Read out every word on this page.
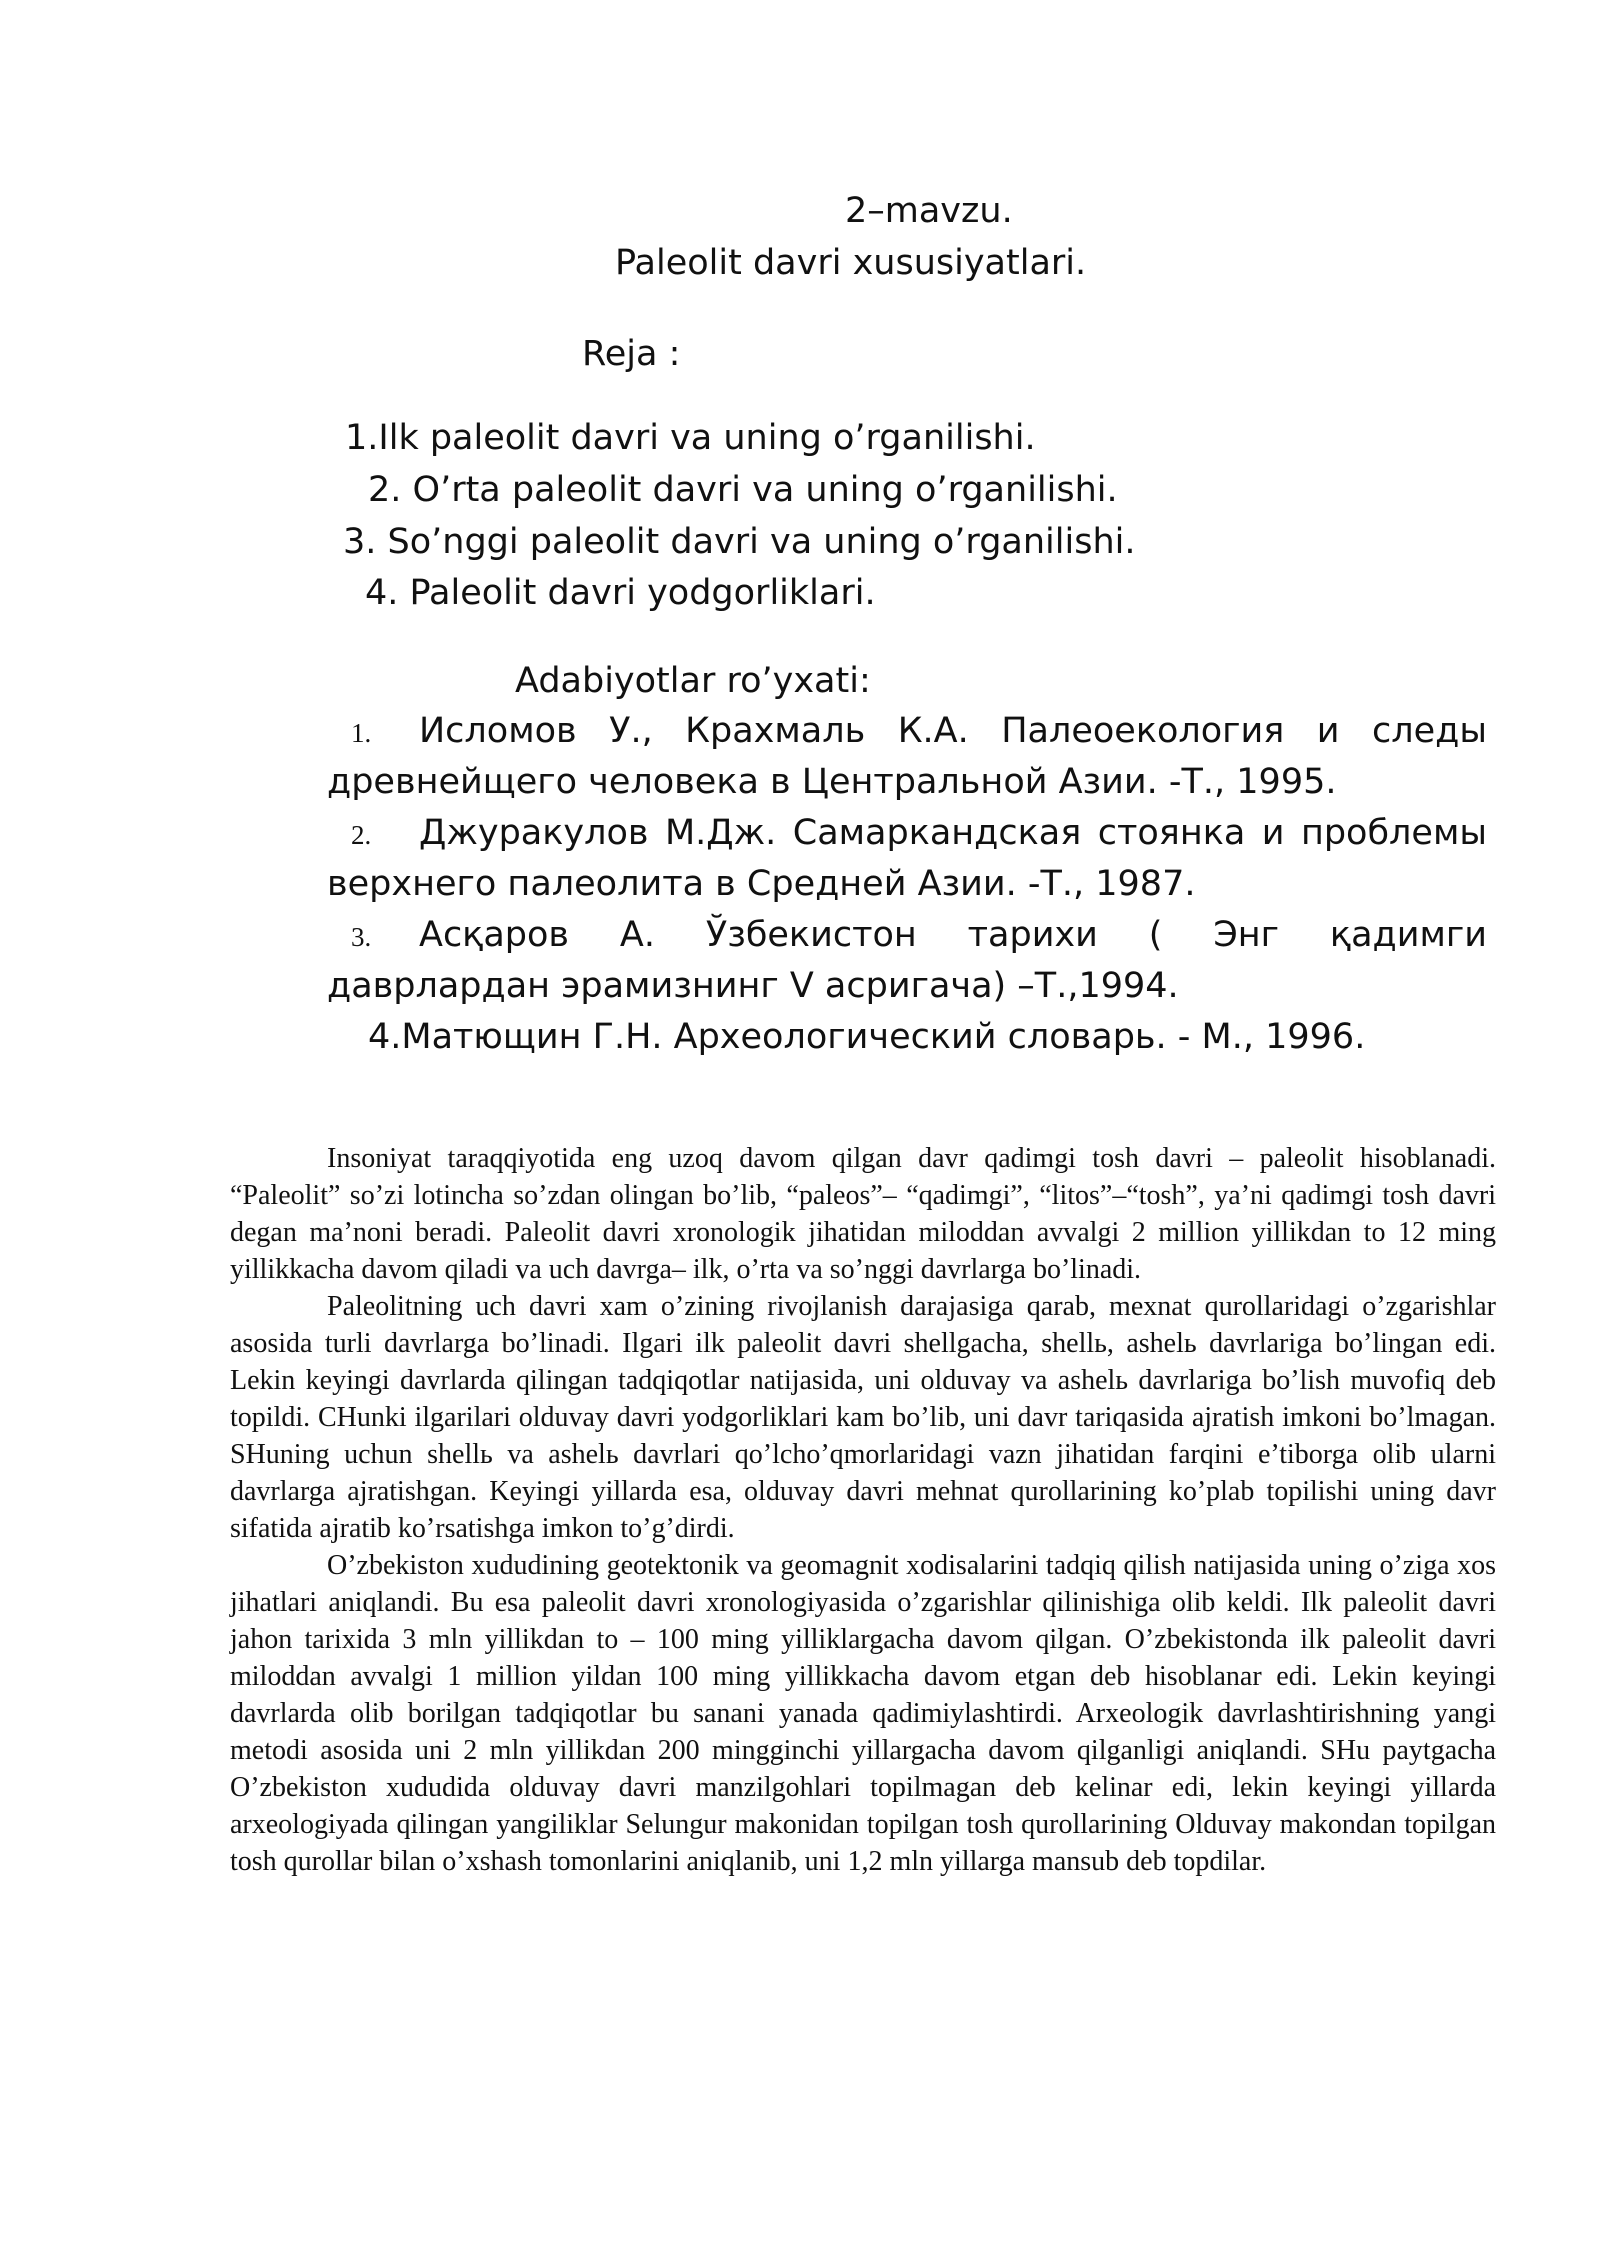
2–mavzu.
Paleolit davri xususiyatlari.
Reja :
1.Ilk paleolit davri va uning o’rganilishi.
2. O’rta paleolit davri va uning o’rganilishi.
3. So’nggi paleolit davri va uning o’rganilishi.
4. Paleolit davri yodgorliklari.
Adabiyotlar ro’yxati:
1.	Исломов У., Крахмаль К.А. Палеоекология и следы
древнейщего человека в Центральной Азии. -Т., 1995.
2.	Джуракулов М.Дж. Самаркандская стоянка и проблемы
верхнего палеолита в Средней Азии. -Т., 1987.
3.	Асқаров А. Ўзбекистон тарихи ( Энг қадимги
даврлардан эрамизнинг V асригача) –Т.,1994.
4.Матющин Г.Н. Археологический словарь. - М., 1996.

Insoniyat taraqqiyotida eng uzoq davom qilgan davr qadimgi tosh davri – paleolit hisoblanadi. “Paleolit” so’zi lotincha so’zdan olingan bo’lib, “paleos”– “qadimgi”, “litos”–“tosh”, ya’ni qadimgi tosh davri degan ma’noni beradi. Paleolit davri xronologik jihatidan miloddan avvalgi 2 million yillikdan to 12 ming yillikkacha davom qiladi va uch davrga– ilk, o’rta va so’nggi davrlarga bo’linadi.

Paleolitning uch davri xam o’zining rivojlanish darajasiga qarab, mexnat qurollaridagi o’zgarishlar asosida turli davrlarga bo’linadi. Ilgari ilk paleolit davri shellgacha, shellь, ashelь davrlariga bo’lingan edi. Lekin keyingi davrlarda qilingan tadqiqotlar natijasida, uni olduvay va ashelь davrlariga bo’lish muvofiq deb topildi. CHunki ilgarilari olduvay davri yodgorliklari kam bo’lib, uni davr tariqasida ajratish imkoni bo’lmagan. SHuning uchun shellь va ashelь davrlari qo’lcho’qmorlaridagi vazn jihatidan farqini e’tiborga olib ularni davrlarga ajratishgan. Keyingi yillarda esa, olduvay davri mehnat qurollarining ko’plab topilishi uning davr sifatida ajratib ko’rsatishga imkon to’g’dirdi.

O’zbekiston xududining geotektonik va geomagnit xodisalarini tadqiq qilish natijasida uning o’ziga xos jihatlari aniqlandi. Bu esa paleolit davri xronologiyasida o’zgarishlar qilinishiga olib keldi. Ilk paleolit davri jahon tarixida 3 mln yillikdan to – 100 ming yilliklargacha davom qilgan. O’zbekistonda ilk paleolit davri miloddan avvalgi 1 million yildan 100 ming yillikkacha davom etgan deb hisoblanar edi. Lekin keyingi davrlarda olib borilgan tadqiqotlar bu sanani yanada qadimiylashtirdi. Arxeologik davrlashtirishning yangi metodi asosida uni 2 mln yillikdan 200 mingginchi yillargacha davom qilganligi aniqlandi. SHu paytgacha O’zbekiston xududida olduvay davri manzilgohlari topilmagan deb kelinar edi, lekin keyingi yillarda arxeologiyada qilingan yangiliklar Selungur makonidan topilgan tosh qurollarining Olduvay makondan topilgan tosh qurollar bilan o’xshash tomonlarini aniqlanib, uni 1,2 mln yillarga mansub deb topdilar.
